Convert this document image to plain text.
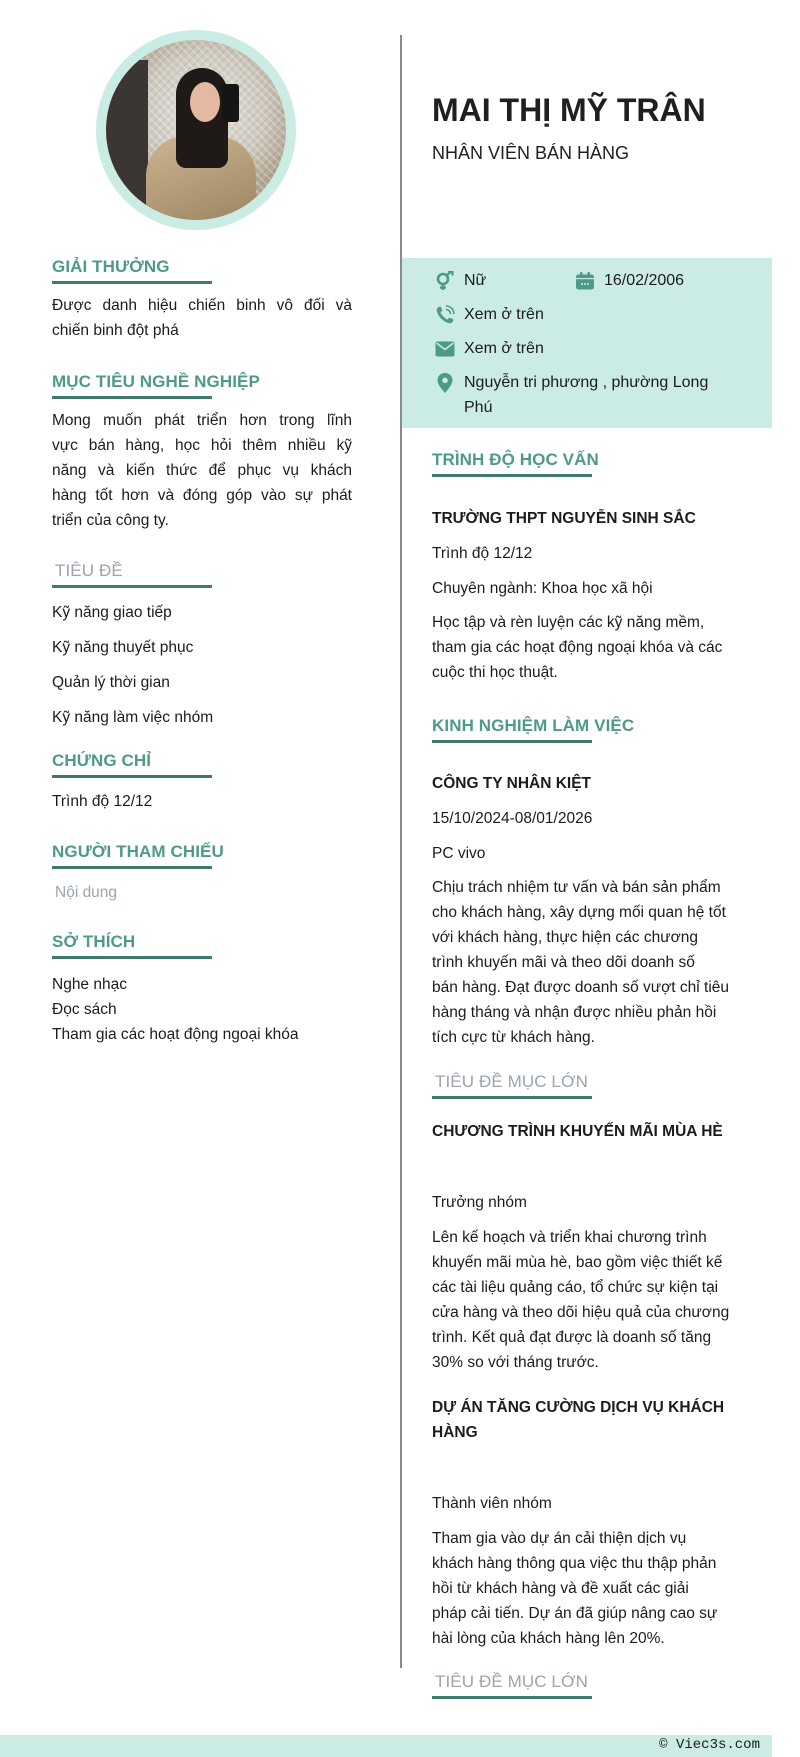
GIẢI THƯỞNG
Được danh hiệu chiến binh vô đối và
chiến binh đột phá
MỤC TIÊU NGHỀ NGHIỆP
Mong muốn phát triển hơn trong lĩnh
vực bán hàng, học hỏi thêm nhiều kỹ
năng và kiến thức để phục vụ khách
hàng tốt hơn và đóng góp vào sự phát
triển của công ty.
TIÊU ĐỀ
Kỹ năng giao tiếp
Kỹ năng thuyết phục
Quản lý thời gian
Kỹ năng làm việc nhóm
CHỨNG CHỈ
Trình độ 12/12
NGƯỜI THAM CHIẾU
Nội dung
SỞ THÍCH
Nghe nhạc
Đọc sách
Tham gia các hoạt động ngoại khóa
MAI THỊ MỸ TRÂN
NHÂN VIÊN BÁN HÀNG
Nữ	16/02/2006
Xem ở trên
Xem ở trên
Nguyễn tri phương , phường Long
Phú
TRÌNH ĐỘ HỌC VẤN
TRƯỜNG THPT NGUYỄN SINH SẮC
Trình độ 12/12
Chuyên ngành: Khoa học xã hội
Học tập và rèn luyện các kỹ năng mềm,
tham gia các hoạt động ngoại khóa và các
cuộc thi học thuật.
KINH NGHIỆM LÀM VIỆC
CÔNG TY NHÂN KIỆT
15/10/2024-08/01/2026
PC vivo
Chịu trách nhiệm tư vấn và bán sản phẩm
cho khách hàng, xây dựng mối quan hệ tốt
với khách hàng, thực hiện các chương
trình khuyến mãi và theo dõi doanh số
bán hàng. Đạt được doanh số vượt chỉ tiêu
hàng tháng và nhận được nhiều phản hồi
tích cực từ khách hàng.
TIÊU ĐỀ MỤC LỚN
CHƯƠNG TRÌNH KHUYẾN MÃI MÙA HÈ
Trưởng nhóm
Lên kế hoạch và triển khai chương trình
khuyến mãi mùa hè, bao gồm việc thiết kế
các tài liệu quảng cáo, tổ chức sự kiện tại
cửa hàng và theo dõi hiệu quả của chương
trình. Kết quả đạt được là doanh số tăng
30% so với tháng trước.
DỰ ÁN TĂNG CƯỜNG DỊCH VỤ KHÁCH
HÀNG
Thành viên nhóm
Tham gia vào dự án cải thiện dịch vụ
khách hàng thông qua việc thu thập phản
hồi từ khách hàng và đề xuất các giải
pháp cải tiến. Dự án đã giúp nâng cao sự
hài lòng của khách hàng lên 20%.
TIÊU ĐỀ MỤC LỚN
© Viec3s.com
